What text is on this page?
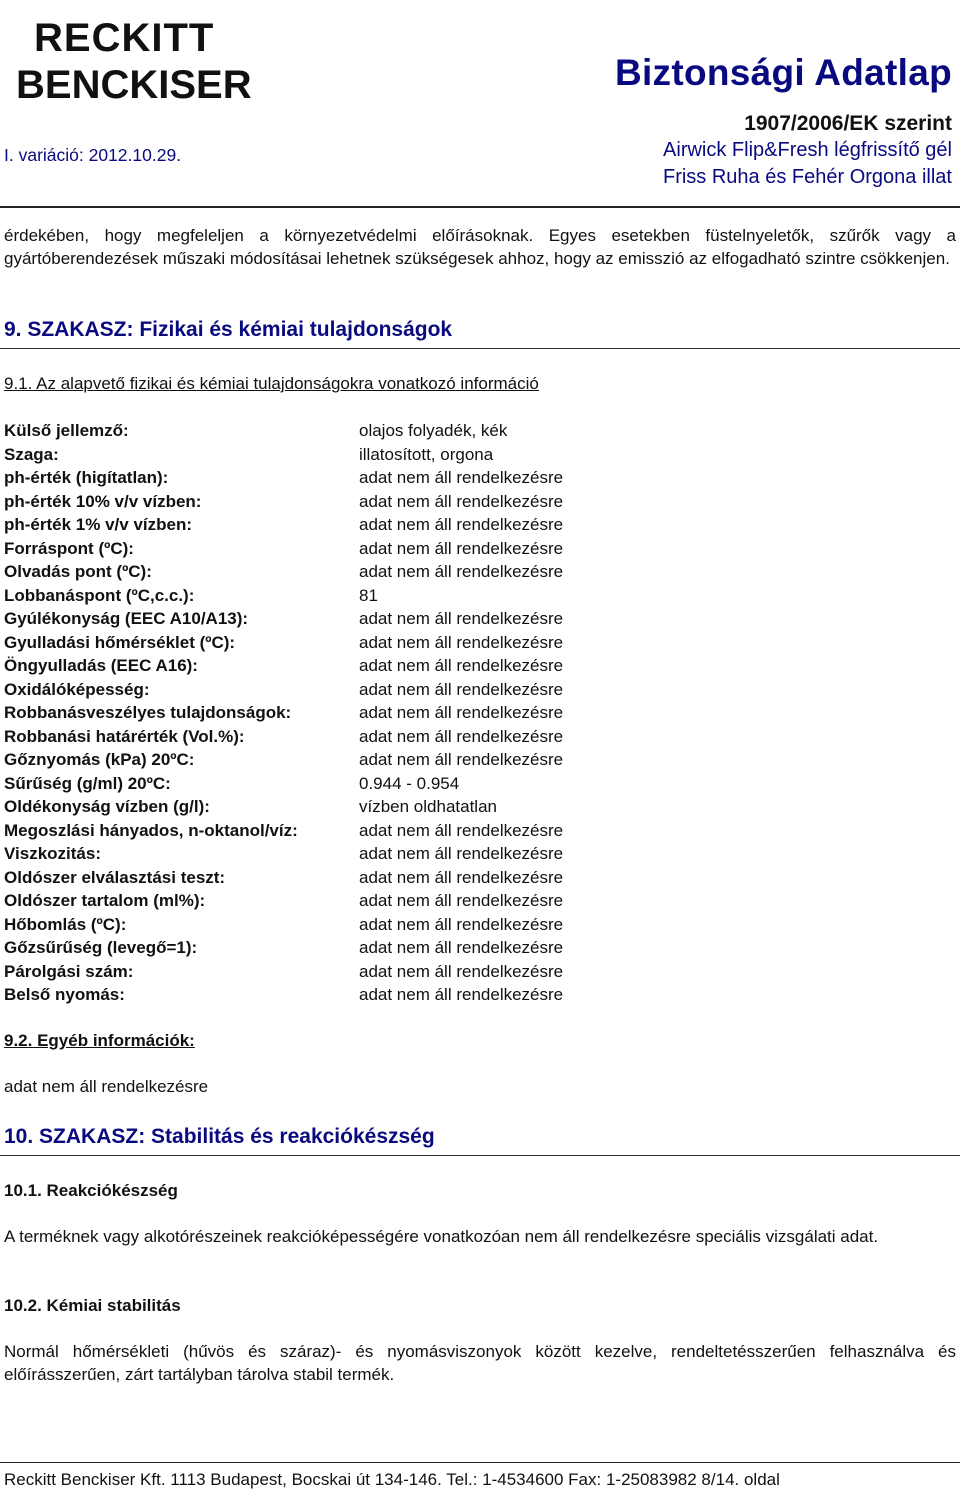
RECKITT
BENCKISER	Biztonsági Adatlap
1907/2006/EK szerint
Airwick Flip&Fresh légfrissítő gél
Friss Ruha és Fehér Orgona illat
I. variáció: 2012.10.29.
érdekében, hogy megfeleljen a környezetvédelmi előírásoknak. Egyes esetekben füstelnyeletők, szűrők vagy a gyártóberendezések műszaki módosításai lehetnek szükségesek ahhoz, hogy az emisszió az elfogadható szintre csökkenjen.
9. SZAKASZ: Fizikai és kémiai tulajdonságok
9.1. Az alapvető fizikai és kémiai tulajdonságokra vonatkozó információ
Külső jellemző:	olajos folyadék, kék
Szaga:	illatosított, orgona
ph-érték (higítatlan):	adat nem áll rendelkezésre
ph-érték 10% v/v vízben:	adat nem áll rendelkezésre
ph-érték 1% v/v vízben:	adat nem áll rendelkezésre
Forráspont (ºC):	adat nem áll rendelkezésre
Olvadás pont (ºC):	adat nem áll rendelkezésre
Lobbanáspont (ºC,c.c.):	81
Gyúlékonyság (EEC A10/A13):	adat nem áll rendelkezésre
Gyulladási hőmérséklet (ºC):	adat nem áll rendelkezésre
Öngyulladás (EEC A16):	adat nem áll rendelkezésre
Oxidálóképesség:	adat nem áll rendelkezésre
Robbanásveszélyes tulajdonságok:	adat nem áll rendelkezésre
Robbanási határérték (Vol.%):	adat nem áll rendelkezésre
Gőznyomás (kPa) 20ºC:	adat nem áll rendelkezésre
Sűrűség (g/ml) 20ºC:	0.944 - 0.954
Oldékonyság vízben (g/l):	vízben oldhatatlan
Megoszlási hányados, n-oktanol/víz:	adat nem áll rendelkezésre
Viszkozitás:	adat nem áll rendelkezésre
Oldószer elválasztási teszt:	adat nem áll rendelkezésre
Oldószer tartalom (ml%):	adat nem áll rendelkezésre
Hőbomlás (ºC):	adat nem áll rendelkezésre
Gőzsűrűség (levegő=1):	adat nem áll rendelkezésre
Párolgási szám:	adat nem áll rendelkezésre
Belső nyomás:	adat nem áll rendelkezésre
9.2. Egyéb információk:
adat nem áll rendelkezésre
10. SZAKASZ: Stabilitás és reakciókészség
10.1. Reakciókészség
A terméknek vagy alkotórészeinek reakcióképességére vonatkozóan nem áll rendelkezésre speciális vizsgálati adat.
10.2. Kémiai stabilitás
Normál hőmérsékleti (hűvös és száraz)- és nyomásviszonyok között kezelve, rendeltetésszerűen felhasználva és előírásszerűen, zárt tartályban tárolva stabil termék.
Reckitt Benckiser Kft. 1113 Budapest, Bocskai út 134-146. Tel.: 1-4534600 Fax: 1-25083982 8/14. oldal
